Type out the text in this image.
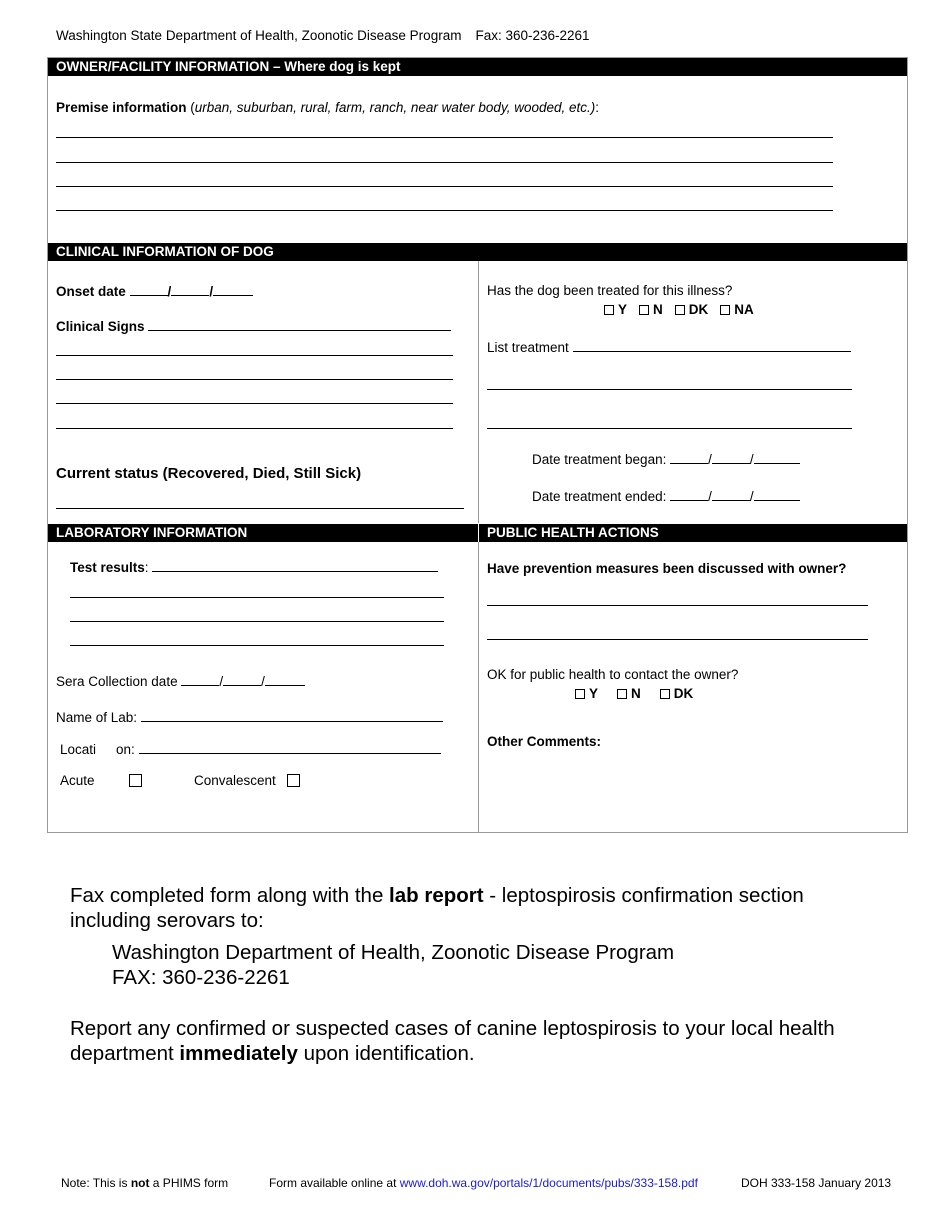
Washington State Department of Health, Zoonotic Disease Program Fax: 360-236-2261
OWNER/FACILITY INFORMATION – Where dog is kept
Premise information (urban, suburban, rural, farm, ranch, near water body, wooded, etc.):
CLINICAL INFORMATION OF DOG
Onset date	/	/
Clinical Signs
Current status (Recovered, Died, Still Sick)
Has the dog been treated for this illness?
Y N DK NA
List treatment
Date treatment began:	/	/
Date treatment ended:	/	/
LABORATORY INFORMATION	PUBLIC HEALTH ACTIONS
Test results:
Sera Collection date	/	/
Name of Lab:
Locati on:
Acute	Convalescent
Have prevention measures been discussed with owner?
OK for public health to contact the owner?
Y N DK
Other Comments:
Fax completed form along with the lab report - leptospirosis confirmation section
including serovars to:
Washington Department of Health, Zoonotic Disease Program
FAX: 360-236-2261
Report any confirmed or suspected cases of canine leptospirosis to your local health
department immediately upon identification.
Note: This is not a PHIMS form	Form available online at www.doh.wa.gov/portals/1/documents/pubs/333-158.pdf	DOH 333-158 January 2013
